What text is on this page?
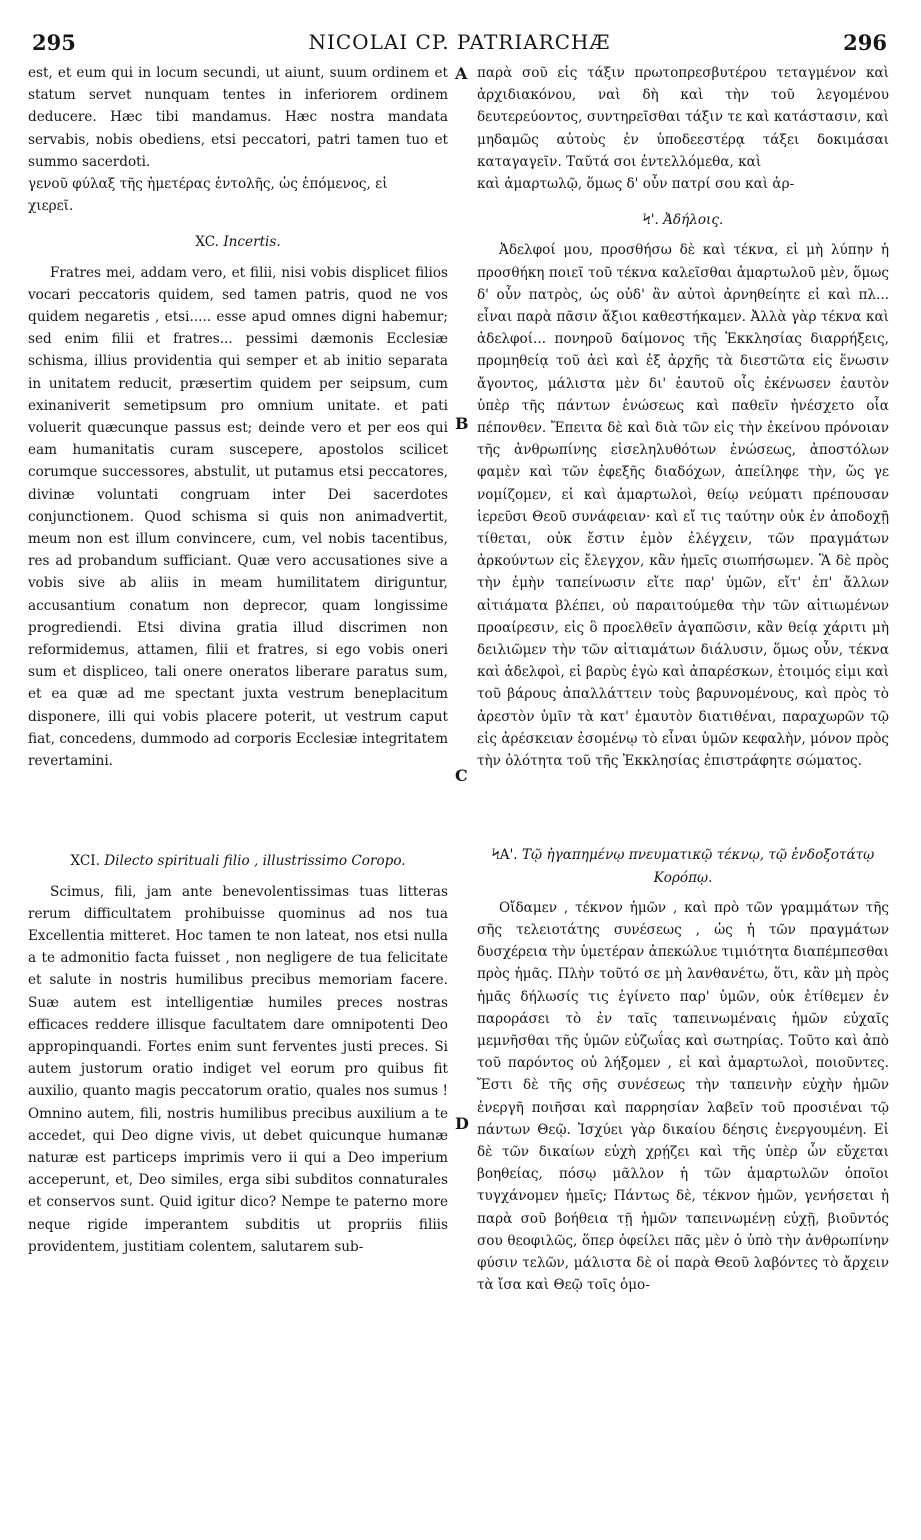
295	NICOLAI CP. PATRIARCHÆ	296
A
B
C
D

est, et eum qui in locum secundi, ut aiunt, suum ordinem et statum servet nunquam tentes in inferiorem ordinem deducere. Hæc tibi mandamus. Hæc nostra mandata servabis, nobis obediens, etsi peccatori, patri tamen tuo et summo sacerdoti.

γενοῦ φύλαξ τῆς ἡμετέρας ἐντολῆς, ὡς ἑπόμενος, εἰ

χιερεῖ.

XC. Incertis.

Fratres mei, addam vero, et filii, nisi vobis displicet filios vocari peccatoris quidem, sed tamen patris, quod ne vos quidem negaretis , etsi..... esse apud omnes digni habemur; sed enim filii et fratres... pessimi dæmonis Ecclesiæ schisma, illius providentia qui semper et ab initio separata in unitatem reducit, præsertim quidem per seipsum, cum exinaniverit semetipsum pro omnium unitate. et pati voluerit quæcunque passus est; deinde vero et per eos qui eam humanitatis curam suscepere, apostolos scilicet corumque successores, abstulit, ut putamus etsi peccatores, divinæ voluntati congruam inter Dei sacerdotes conjunctionem. Quod schisma si quis non animadvertit, meum non est illum convincere, cum, vel nobis tacentibus, res ad probandum sufficiant. Quæ vero accusationes sive a vobis sive ab aliis in meam humilitatem diriguntur, accusantium conatum non deprecor, quam longissime progrediendi. Etsi divina gratia illud discrimen non reformidemus, attamen, filii et fratres, si ego vobis oneri sum et displiceo, tali onere oneratos liberare paratus sum, et ea quæ ad me spectant juxta vestrum beneplacitum disponere, illi qui vobis placere poterit, ut vestrum caput fiat, concedens, dummodo ad corporis Ecclesiæ integritatem revertamini.

XCI. Dilecto spirituali filio , illustrissimo Coropo.

Scimus, fili, jam ante benevolentissimas tuas litteras rerum difficultatem prohibuisse quominus ad nos tua Excellentia mitteret. Hoc tamen te non lateat, nos etsi nulla a te admonitio facta fuisset , non negligere de tua felicitate et salute in nostris humilibus precibus memoriam facere. Suæ autem est intelligentiæ humiles preces nostras efficaces reddere illisque facultatem dare omnipotenti Deo appropinquandi. Fortes enim sunt ferventes justi preces. Si autem justorum oratio indiget vel eorum pro quibus fit auxilio, quanto magis peccatorum oratio, quales nos sumus ! Omnino autem, fili, nostris humilibus precibus auxilium a te accedet, qui Deo digne vivis, ut debet quicunque humanæ naturæ est particeps imprimis vero ii qui a Deo imperium acceperunt, et, Deo similes, erga sibi subditos connaturales et conservos sunt. Quid igitur dico? Nempe te paterno more neque rigide imperantem subditis ut propriis filiis providentem, justitiam colentem, salutarem sub-

παρὰ σοῦ εἰς τάξιν πρωτοπρεσβυτέρου τεταγμένον καὶ ἀρχιδιακόνου, ναὶ δὴ καὶ τὴν τοῦ λεγομένου δευτερεύοντος, συντηρεῖσθαι τάξιν τε καὶ κατάστασιν, καὶ μηδαμῶς αὐτοὺς ἐν ὑποδεεστέρᾳ τάξει δοκιμάσαι καταγαγεῖν. Ταῦτά σοι ἐντελλόμεθα, καὶ

καὶ ἁμαρτωλῷ, ὅμως δ' οὖν πατρί σου καὶ ἀρ-

Ϟ'. Ἀδήλοις.

Ἀδελφοί μου, προσθήσω δὲ καὶ τέκνα, εἰ μὴ λύπην ἡ προσθήκη ποιεῖ τοῦ τέκνα καλεῖσθαι ἁμαρτωλοῦ μὲν, ὅμως δ' οὖν πατρὸς, ὡς οὐδ' ἂν αὐτοὶ ἀρνηθείητε εἰ καὶ πλ... εἶναι παρὰ πᾶσιν ἄξιοι καθεστήκαμεν. Ἀλλὰ γὰρ τέκνα καὶ ἀδελφοί... πονηροῦ δαίμονος τῆς Ἐκκλησίας διαρρήξεις, προμηθείᾳ τοῦ ἀεὶ καὶ ἐξ ἀρχῆς τὰ διεστῶτα εἰς ἕνωσιν ἄγοντος, μάλιστα μὲν δι' ἑαυτοῦ οἷς ἐκένωσεν ἑαυτὸν ὑπὲρ τῆς πάντων ἑνώσεως καὶ παθεῖν ἠνέσχετο οἷα πέπονθεν. Ἔπειτα δὲ καὶ διὰ τῶν εἰς τὴν ἐκείνου πρόνοιαν τῆς ἀνθρωπίνης εἰσεληλυθότων ἑνώσεως, ἀποστόλων φαμὲν καὶ τῶν ἐφεξῆς διαδόχων, ἀπείληφε τὴν, ὥς γε νομίζομεν, εἰ καὶ ἁμαρτωλοὶ, θείῳ νεύματι πρέπουσαν ἱερεῦσι Θεοῦ συνάφειαν· καὶ εἴ τις ταύτην οὐκ ἐν ἀποδοχῇ τίθεται, οὐκ ἔστιν ἐμὸν ἐλέγχειν, τῶν πραγμάτων ἀρκούντων εἰς ἔλεγχον, κἂν ἡμεῖς σιωπήσωμεν. Ἃ δὲ πρὸς τὴν ἐμὴν ταπείνωσιν εἴτε παρ' ὑμῶν, εἴτ' ἐπ' ἄλλων αἰτιάματα βλέπει, οὐ παραιτούμεθα τὴν τῶν αἰτιωμένων προαίρεσιν, εἰς ὃ προελθεῖν ἀγαπῶσιν, κἂν θείᾳ χάριτι μὴ δειλιῶμεν τὴν τῶν αἰτιαμάτων διάλυσιν, ὅμως οὖν, τέκνα καὶ ἀδελφοὶ, εἰ βαρὺς ἐγὼ καὶ ἀπαρέσκων, ἑτοιμός εἰμι καὶ τοῦ βάρους ἀπαλλάττειν τοὺς βαρυνομένους, καὶ πρὸς τὸ ἀρεστὸν ὑμῖν τὰ κατ' ἐμαυτὸν διατιθέναι, παραχωρῶν τῷ εἰς ἀρέσκειαν ἐσομένῳ τὸ εἶναι ὑμῶν κεφαλὴν, μόνον πρὸς τὴν ὁλότητα τοῦ τῆς Ἐκκλησίας ἐπιστράφητε σώματος.

ϞΑ'. Τῷ ἠγαπημένῳ πνευματικῷ τέκνῳ, τῷ ἐνδοξοτάτῳ Κορόπῳ.

Οἴδαμεν , τέκνον ἡμῶν , καὶ πρὸ τῶν γραμμάτων τῆς σῆς τελειοτάτης συνέσεως , ὡς ἡ τῶν πραγμάτων δυσχέρεια τὴν ὑμετέραν ἀπεκώλυε τιμιότητα διαπέμπεσθαι πρὸς ἡμᾶς. Πλὴν τοῦτό σε μὴ λανθανέτω, ὅτι, κἂν μὴ πρὸς ἡμᾶς δήλωσίς τις ἐγίνετο παρ' ὑμῶν, οὐκ ἐτίθεμεν ἐν παροράσει τὸ ἐν ταῖς ταπεινωμέναις ἡμῶν εὐχαῖς μεμνῆσθαι τῆς ὑμῶν εὐζωΐας καὶ σωτηρίας. Τοῦτο καὶ ἀπὸ τοῦ παρόντος οὐ λήξομεν , εἰ καὶ ἁμαρτωλοὶ, ποιοῦντες. Ἔστι δὲ τῆς σῆς συνέσεως τὴν ταπεινὴν εὐχὴν ἡμῶν ἐνεργῆ ποιῆσαι καὶ παρρησίαν λαβεῖν τοῦ προσιέναι τῷ πάντων Θεῷ. Ἰσχύει γὰρ δικαίου δέησις ἐνεργουμένη. Εἰ δὲ τῶν δικαίων εὐχὴ χρῄζει καὶ τῆς ὑπὲρ ὧν εὔχεται βοηθείας, πόσῳ μᾶλλον ἡ τῶν ἁμαρτωλῶν ὁποῖοι τυγχάνομεν ἡμεῖς; Πάντως δὲ, τέκνον ἡμῶν, γενήσεται ἡ παρὰ σοῦ βοήθεια τῇ ἡμῶν ταπεινωμένῃ εὐχῇ, βιοῦντός σου θεοφιλῶς, ὅπερ ὀφείλει πᾶς μὲν ὁ ὑπὸ τὴν ἀνθρωπίνην φύσιν τελῶν, μάλιστα δὲ οἱ παρὰ Θεοῦ λαβόντες τὸ ἄρχειν τὰ ἴσα καὶ Θεῷ τοῖς ὁμο-
